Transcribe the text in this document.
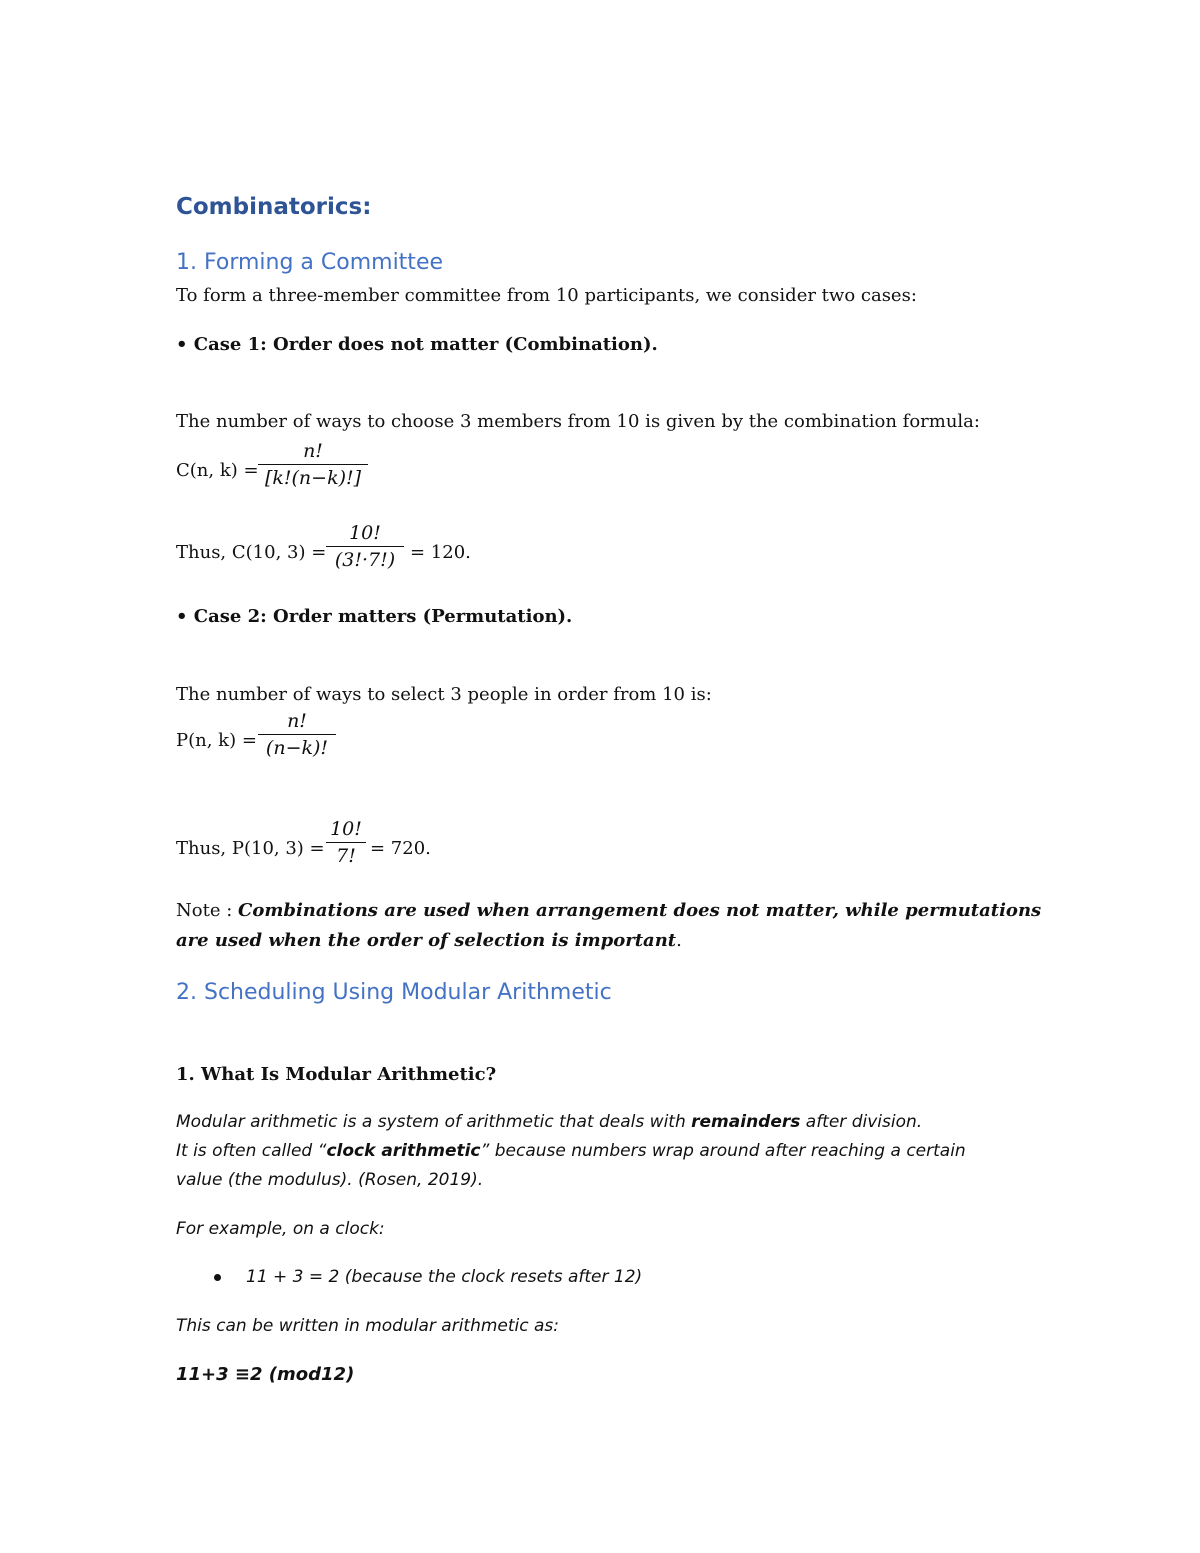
Combinatorics:
1. Forming a Committee
To form a three-member committee from 10 participants, we consider two cases:
• Case 1: Order does not matter (Combination).
The number of ways to choose 3 members from 10 is given by the combination formula:
C(n, k) =
n!
[k!(n−k)!]
Thus, C(10, 3) =
10!
(3!·7!) = 120.
• Case 2: Order matters (Permutation).
The number of ways to select 3 people in order from 10 is:
P(n, k) =
n!
(n−k)!
Thus, P(10, 3) =
10!
7! = 720.
Note : Combinations are used when arrangement does not matter, while permutations
are used when the order of selection is important.
2. Scheduling Using Modular Arithmetic
1. What Is Modular Arithmetic?
Modular arithmetic is a system of arithmetic that deals with remainders after division.
It is often called “clock arithmetic” because numbers wrap around after reaching a certain
value (the modulus). (Rosen, 2019).
For example, on a clock:
11 + 3 = 2 (because the clock resets after 12)
This can be written in modular arithmetic as:
11+3 ≡2 (mod12)
